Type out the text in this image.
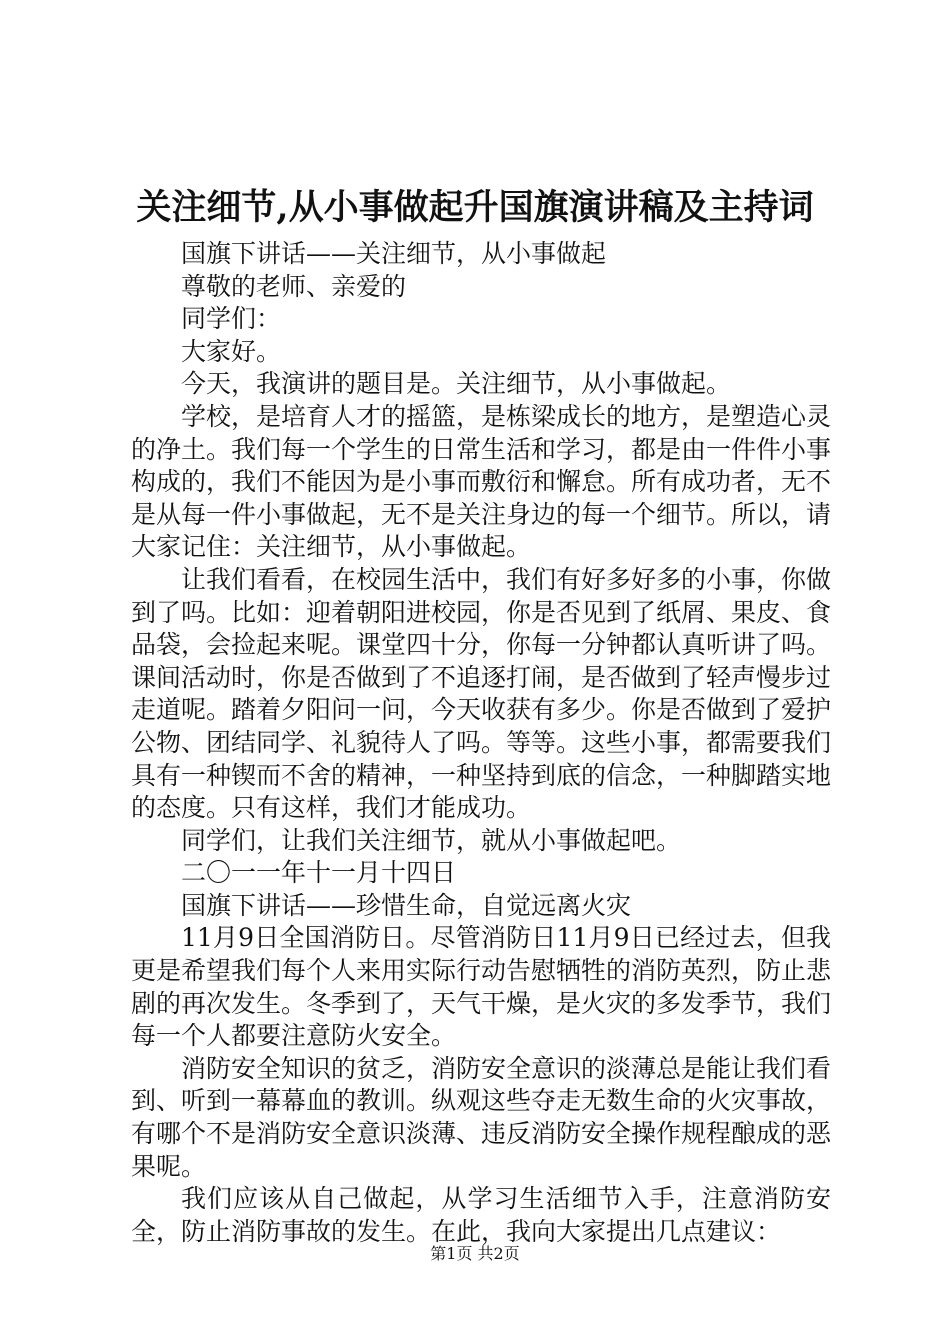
关注细节,从小事做起升国旗演讲稿及主持词

国旗下讲话——关注细节，从小事做起

尊敬的老师、亲爱的

同学们：

大家好。

今天，我演讲的题目是。关注细节，从小事做起。

学校，是培育人才的摇篮，是栋梁成长的地方，是塑造心灵的净土。我们每一个学生的日常生活和学习，都是由一件件小事构成的，我们不能因为是小事而敷衍和懈怠。所有成功者，无不是从每一件小事做起，无不是关注身边的每一个细节。所以，请大家记住：关注细节，从小事做起。

让我们看看，在校园生活中，我们有好多好多的小事，你做到了吗。比如：迎着朝阳进校园，你是否见到了纸屑、果皮、食品袋，会捡起来呢。课堂四十分，你每一分钟都认真听讲了吗。课间活动时，你是否做到了不追逐打闹，是否做到了轻声慢步过走道呢。踏着夕阳问一问，今天收获有多少。你是否做到了爱护公物、团结同学、礼貌待人了吗。等等。这些小事，都需要我们具有一种锲而不舍的精神，一种坚持到底的信念，一种脚踏实地的态度。只有这样，我们才能成功。

同学们，让我们关注细节，就从小事做起吧。

二〇一一年十一月十四日

国旗下讲话——珍惜生命，自觉远离火灾

11月9日全国消防日。尽管消防日11月9日已经过去，但我更是希望我们每个人来用实际行动告慰牺牲的消防英烈，防止悲剧的再次发生。冬季到了，天气干燥，是火灾的多发季节，我们每一个人都要注意防火安全。

消防安全知识的贫乏，消防安全意识的淡薄总是能让我们看到、听到一幕幕血的教训。纵观这些夺走无数生命的火灾事故，有哪个不是消防安全意识淡薄、违反消防安全操作规程酿成的恶果呢。

我们应该从自己做起，从学习生活细节入手，注意消防安全，防止消防事故的发生。在此，我向大家提出几点建议：

第1页 共2页
